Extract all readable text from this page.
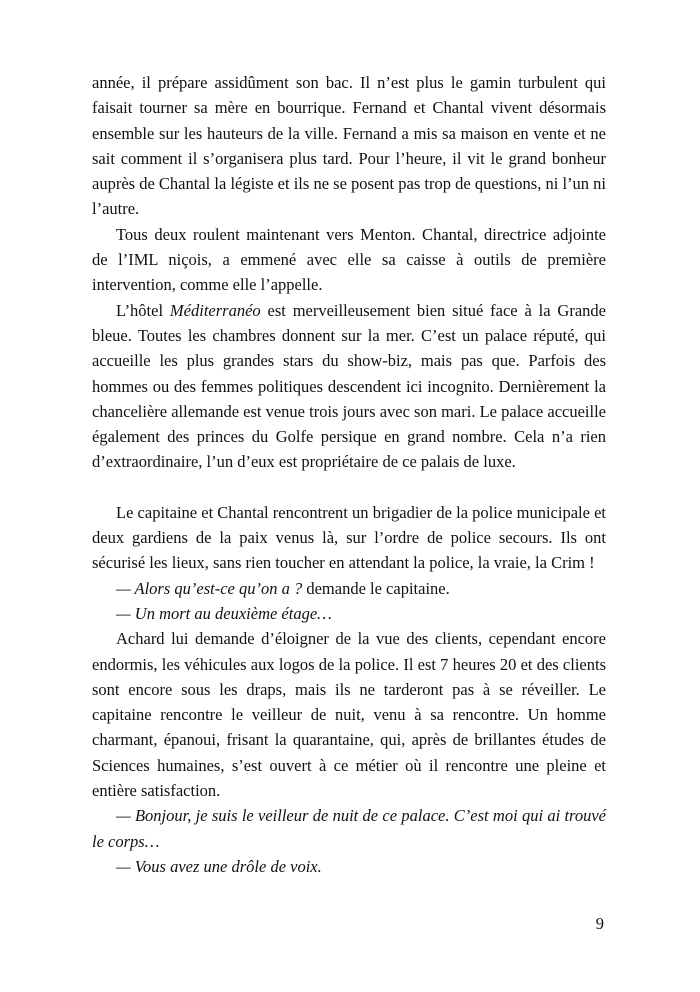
année, il prépare assidûment son bac. Il n’est plus le gamin turbulent qui faisait tourner sa mère en bourrique. Fernand et Chantal vivent désormais ensemble sur les hauteurs de la ville. Fernand a mis sa maison en vente et ne sait comment il s’organisera plus tard. Pour l’heure, il vit le grand bonheur auprès de Chantal la légiste et ils ne se posent pas trop de questions, ni l’un ni l’autre.

Tous deux roulent maintenant vers Menton. Chantal, directrice adjointe de l’IML niçois, a emmené avec elle sa caisse à outils de première intervention, comme elle l’appelle.

L’hôtel Méditerranéo est merveilleusement bien situé face à la Grande bleue. Toutes les chambres donnent sur la mer. C’est un palace réputé, qui accueille les plus grandes stars du show-biz, mais pas que. Parfois des hommes ou des femmes politiques descendent ici incognito. Dernièrement la chancelière allemande est venue trois jours avec son mari. Le palace accueille également des princes du Golfe persique en grand nombre. Cela n’a rien d’extraordinaire, l’un d’eux est propriétaire de ce palais de luxe.

Le capitaine et Chantal rencontrent un brigadier de la police municipale et deux gardiens de la paix venus là, sur l’ordre de police secours. Ils ont sécurisé les lieux, sans rien toucher en attendant la police, la vraie, la Crim !

— Alors qu’est-ce qu’on a ? demande le capitaine.

— Un mort au deuxième étage…

Achard lui demande d’éloigner de la vue des clients, cependant encore endormis, les véhicules aux logos de la police. Il est 7 heures 20 et des clients sont encore sous les draps, mais ils ne tarderont pas à se réveiller. Le capitaine rencontre le veilleur de nuit, venu à sa rencontre. Un homme charmant, épanoui, frisant la quarantaine, qui, après de brillantes études de Sciences humaines, s’est ouvert à ce métier où il rencontre une pleine et entière satisfaction.

— Bonjour, je suis le veilleur de nuit de ce palace. C’est moi qui ai trouvé le corps…

— Vous avez une drôle de voix.

9
